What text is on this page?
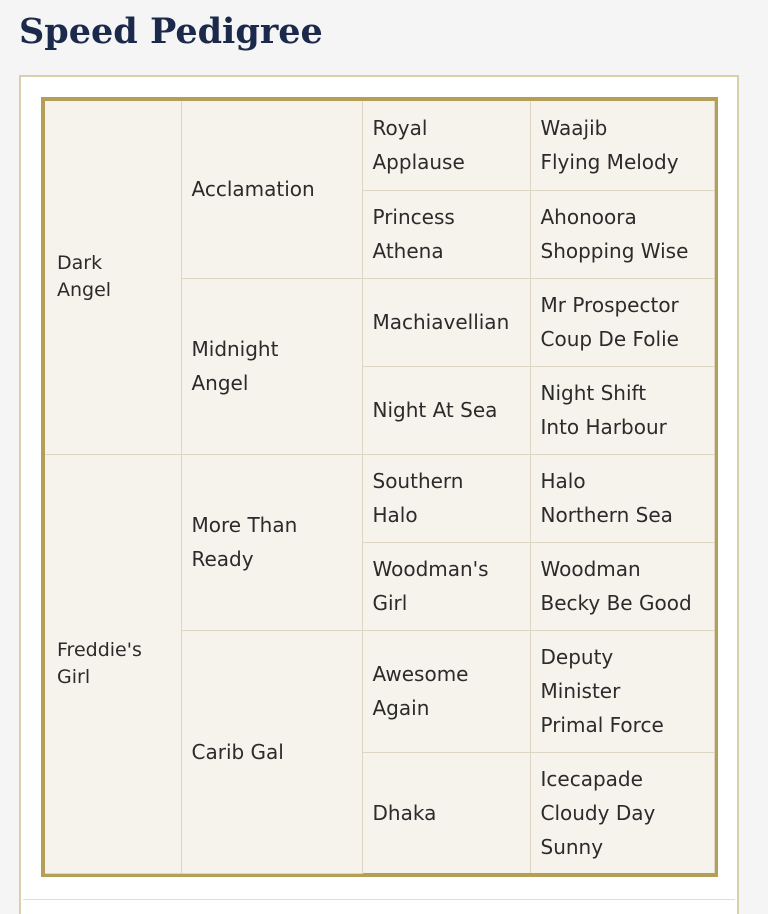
Speed Pedigree
Dark Angel	Acclamation	Royal Applause	Waajib
Flying Melody

		Princess Athena	Ahonoora
Shopping Wise

	Midnight Angel	Machiavellian	Mr Prospector
Coup De Folie

		Night At Sea	Night Shift
Into Harbour

Freddie's Girl	More Than Ready	Southern Halo	Halo
Northern Sea

		Woodman's Girl	Woodman
Becky Be Good

	Carib Gal	Awesome Again	Deputy Minister
Primal Force

		Dhaka	Icecapade
Cloudy Day
Sunny
